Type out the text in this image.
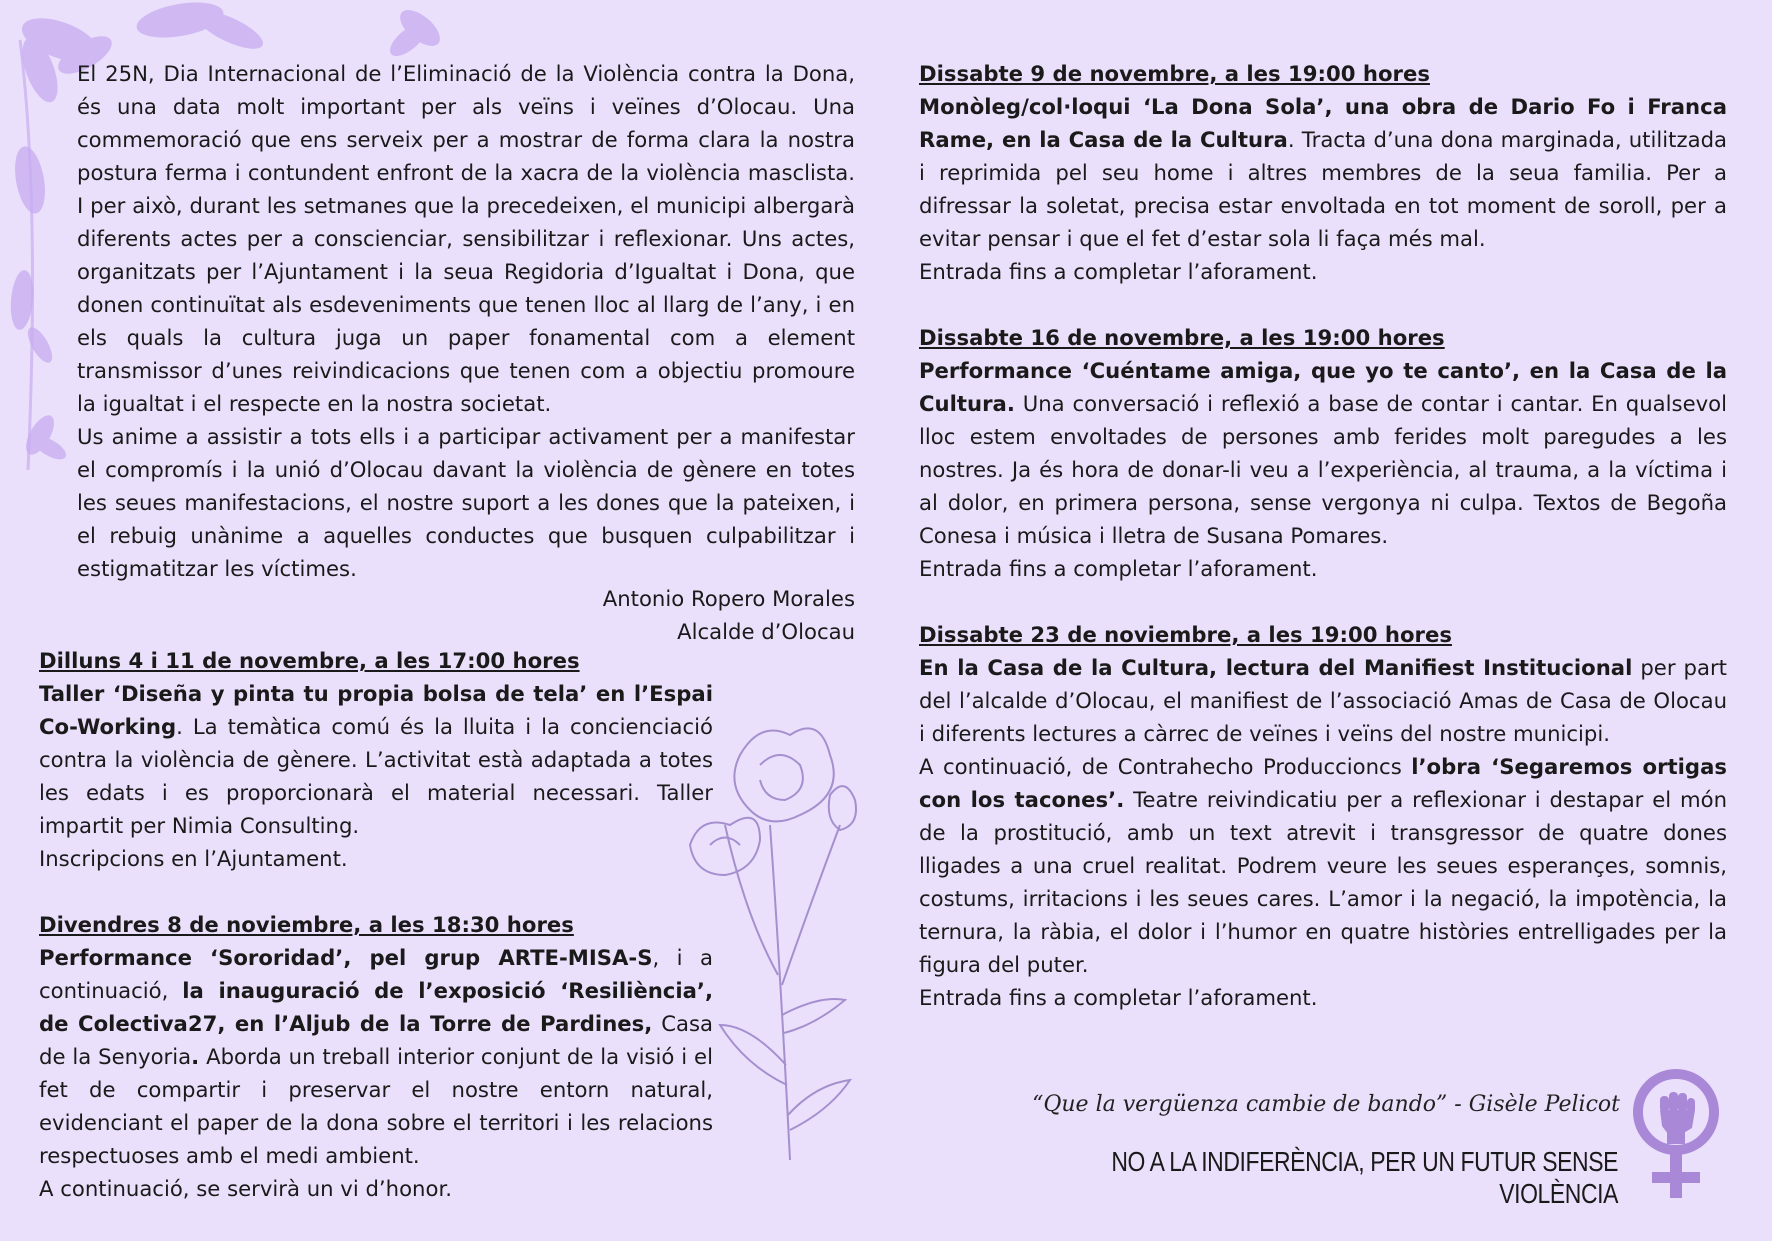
El 25N, Dia Internacional de l’Eliminació de la Violència contra la Dona, és una data molt important per als veïns i veïnes d’Olocau. Una commemoració que ens serveix per a mostrar de forma clara la nostra postura ferma i contundent enfront de la xacra de la violència masclista. I per això, durant les setmanes que la precedeixen, el municipi albergarà diferents actes per a conscienciar, sensibilitzar i reflexionar. Uns actes, organitzats per l’Ajuntament i la seua Regidoria d’Igualtat i Dona, que donen continuïtat als esdeveniments que tenen lloc al llarg de l’any, i en els quals la cultura juga un paper fonamental com a element transmissor d’unes reivindicacions que tenen com a objectiu promoure la igualtat i el respecte en la nostra societat.

Us anime a assistir a tots ells i a participar activament per a manifestar el compromís i la unió d’Olocau davant la violència de gènere en totes les seues manifestacions, el nostre suport a les dones que la pateixen, i el rebuig unànime a aquelles conductes que busquen culpabilitzar i estigmatitzar les víctimes.

Antonio Ropero Morales
Alcalde d’Olocau

Dilluns 4 i 11 de novembre, a les 17:00 hores

Taller ‘Diseña y pinta tu propia bolsa de tela’ en l’Espai Co-Working. La temàtica comú és la lluita i la concienciació contra la violència de gènere. L’activitat està adaptada a totes les edats i es proporcionarà el material necessari. Taller impartit per Nimia Consulting.

Inscripcions en l’Ajuntament.

Divendres 8 de noviembre, a les 18:30 hores

Performance ‘Sororidad’, pel grup ARTE-MISA-S, i a continuació, la inauguració de l’exposició ‘Resiliència’, de Colectiva27, en l’Aljub de la Torre de Pardines, Casa de la Senyoria. Aborda un treball interior conjunt de la visió i el fet de compartir i preservar el nostre entorn natural, evidenciant el paper de la dona sobre el territori i les relacions respectuoses amb el medi ambient.

A continuació, se servirà un vi d’honor.

Dissabte 9 de novembre, a les 19:00 hores

Monòleg/col·loqui ‘La Dona Sola’, una obra de Dario Fo i Franca Rame, en la Casa de la Cultura. Tracta d’una dona marginada, utilitzada i reprimida pel seu home i altres membres de la seua familia. Per a difressar la soletat, precisa estar envoltada en tot moment de soroll, per a evitar pensar i que el fet d’estar sola li faça més mal.

Entrada fins a completar l’aforament.

Dissabte 16 de novembre, a les 19:00 hores

Performance ‘Cuéntame amiga, que yo te canto’, en la Casa de la Cultura. Una conversació i reflexió a base de contar i cantar. En qualsevol lloc estem envoltades de persones amb ferides molt paregudes a les nostres. Ja és hora de donar-li veu a l’experiència, al trauma, a la víctima i al dolor, en primera persona, sense vergonya ni culpa. Textos de Begoña Conesa i música i lletra de Susana Pomares.

Entrada fins a completar l’aforament.

Dissabte 23 de noviembre, a les 19:00 hores

En la Casa de la Cultura, lectura del Manifiest Institucional per part del l’alcalde d’Olocau, el manifiest de l’associació Amas de Casa de Olocau i diferents lectures a càrrec de veïnes i veïns del nostre municipi.

A continuació, de Contrahecho Produccioncs l’obra ‘Segaremos ortigas con los tacones’. Teatre reivindicatiu per a reflexionar i destapar el món de la prostitució, amb un text atrevit i transgressor de quatre dones lligades a una cruel realitat. Podrem veure les seues esperançes, somnis, costums, irritacions i les seues cares. L’amor i la negació, la impotència, la ternura, la ràbia, el dolor i l’humor en quatre històries entrelligades per la figura del puter.

Entrada fins a completar l’aforament.

“Que la vergüenza cambie de bando” - Gisèle Pelicot
NO A LA INDIFERÈNCIA, PER UN FUTUR SENSE VIOLÈNCIA
